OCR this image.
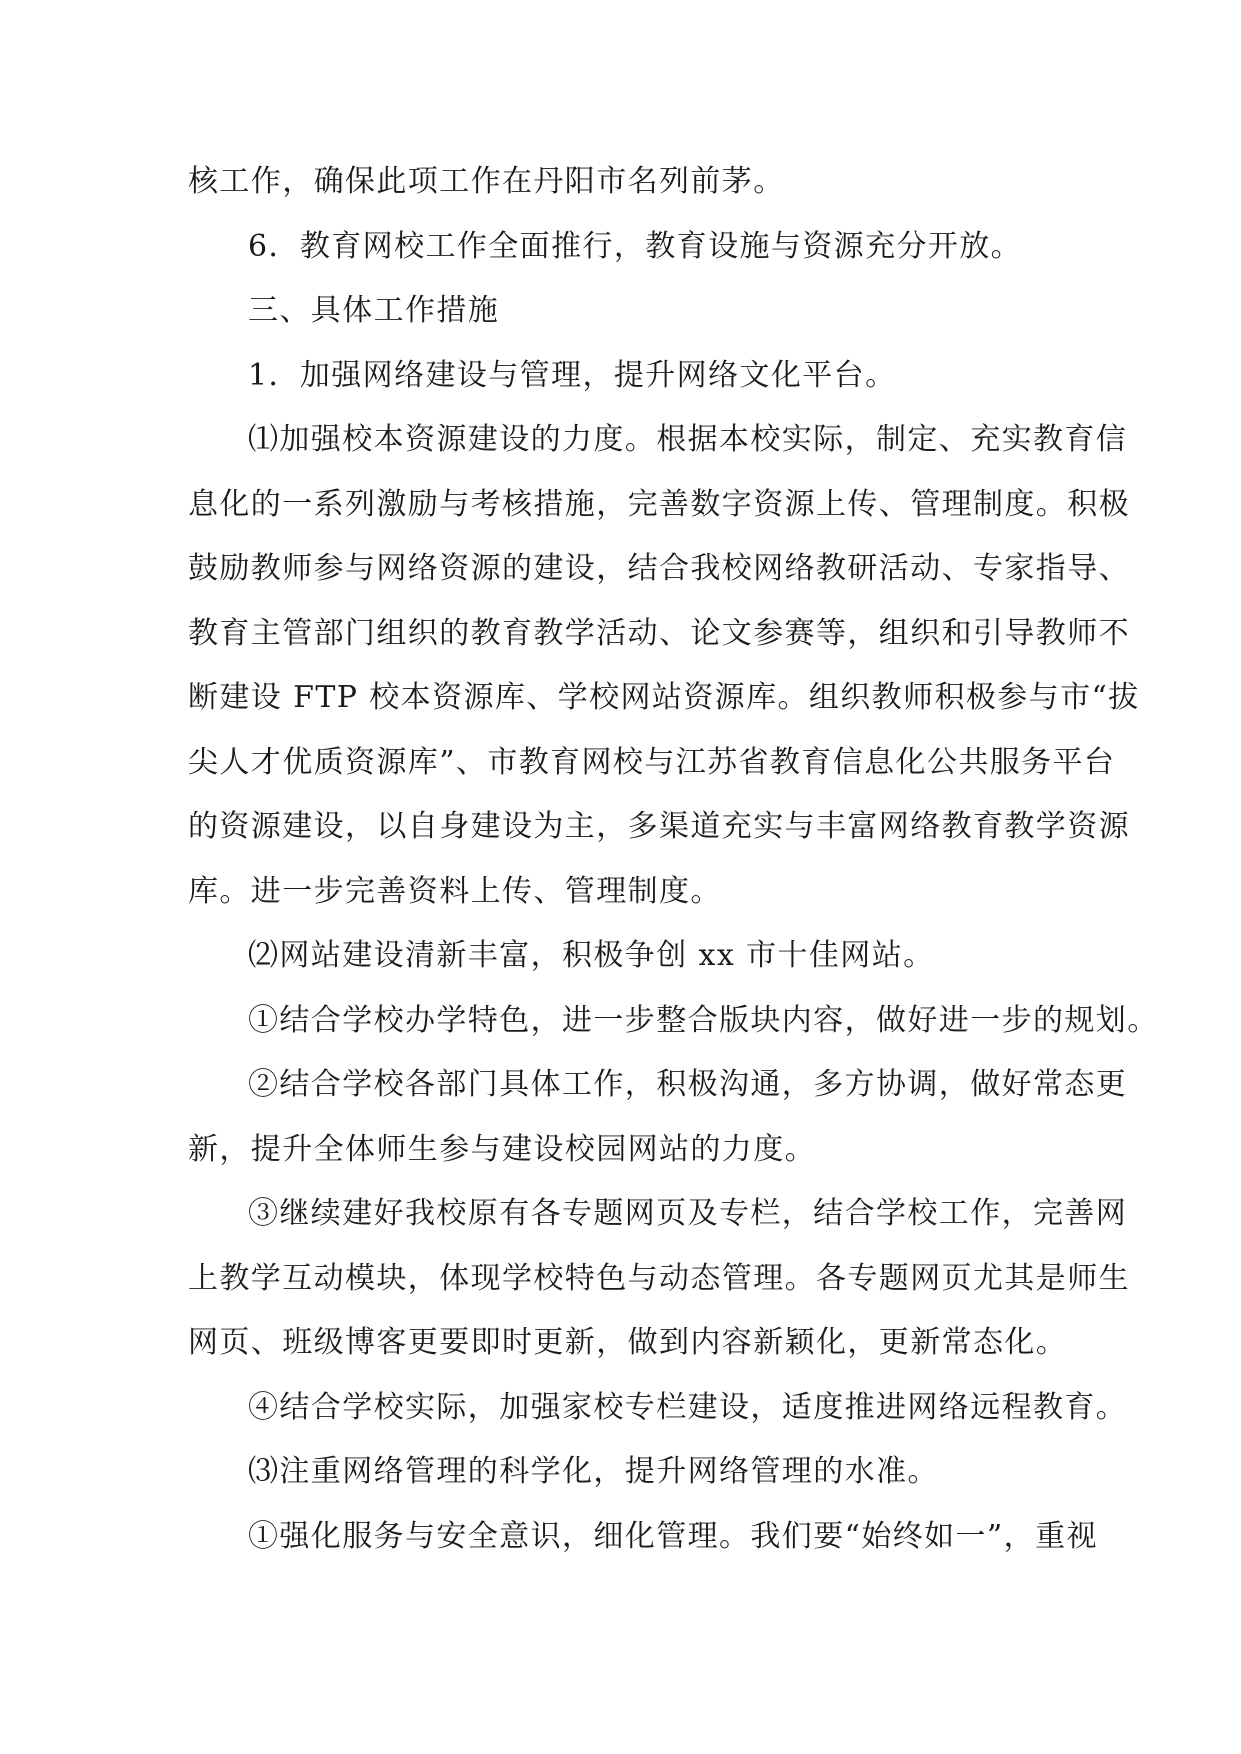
核工作，确保此项工作在丹阳市名列前茅。
6．教育网校工作全面推行，教育设施与资源充分开放。
三、具体工作措施
1．加强网络建设与管理，提升网络文化平台。
⑴加强校本资源建设的力度。根据本校实际，制定、充实教育信
息化的一系列激励与考核措施，完善数字资源上传、管理制度。积极
鼓励教师参与网络资源的建设，结合我校网络教研活动、专家指导、
教育主管部门组织的教育教学活动、论文参赛等，组织和引导教师不
断建设 FTP 校本资源库、学校网站资源库。组织教师积极参与市“拔
尖人才优质资源库”、市教育网校与江苏省教育信息化公共服务平台
的资源建设，以自身建设为主，多渠道充实与丰富网络教育教学资源
库。进一步完善资料上传、管理制度。
⑵网站建设清新丰富，积极争创 xx 市十佳网站。
①结合学校办学特色，进一步整合版块内容，做好进一步的规划。
②结合学校各部门具体工作，积极沟通，多方协调，做好常态更
新，提升全体师生参与建设校园网站的力度。
③继续建好我校原有各专题网页及专栏，结合学校工作，完善网
上教学互动模块，体现学校特色与动态管理。各专题网页尤其是师生
网页、班级博客更要即时更新，做到内容新颖化，更新常态化。
④结合学校实际，加强家校专栏建设，适度推进网络远程教育。
⑶注重网络管理的科学化，提升网络管理的水准。
①强化服务与安全意识，细化管理。我们要“始终如一”，重视
